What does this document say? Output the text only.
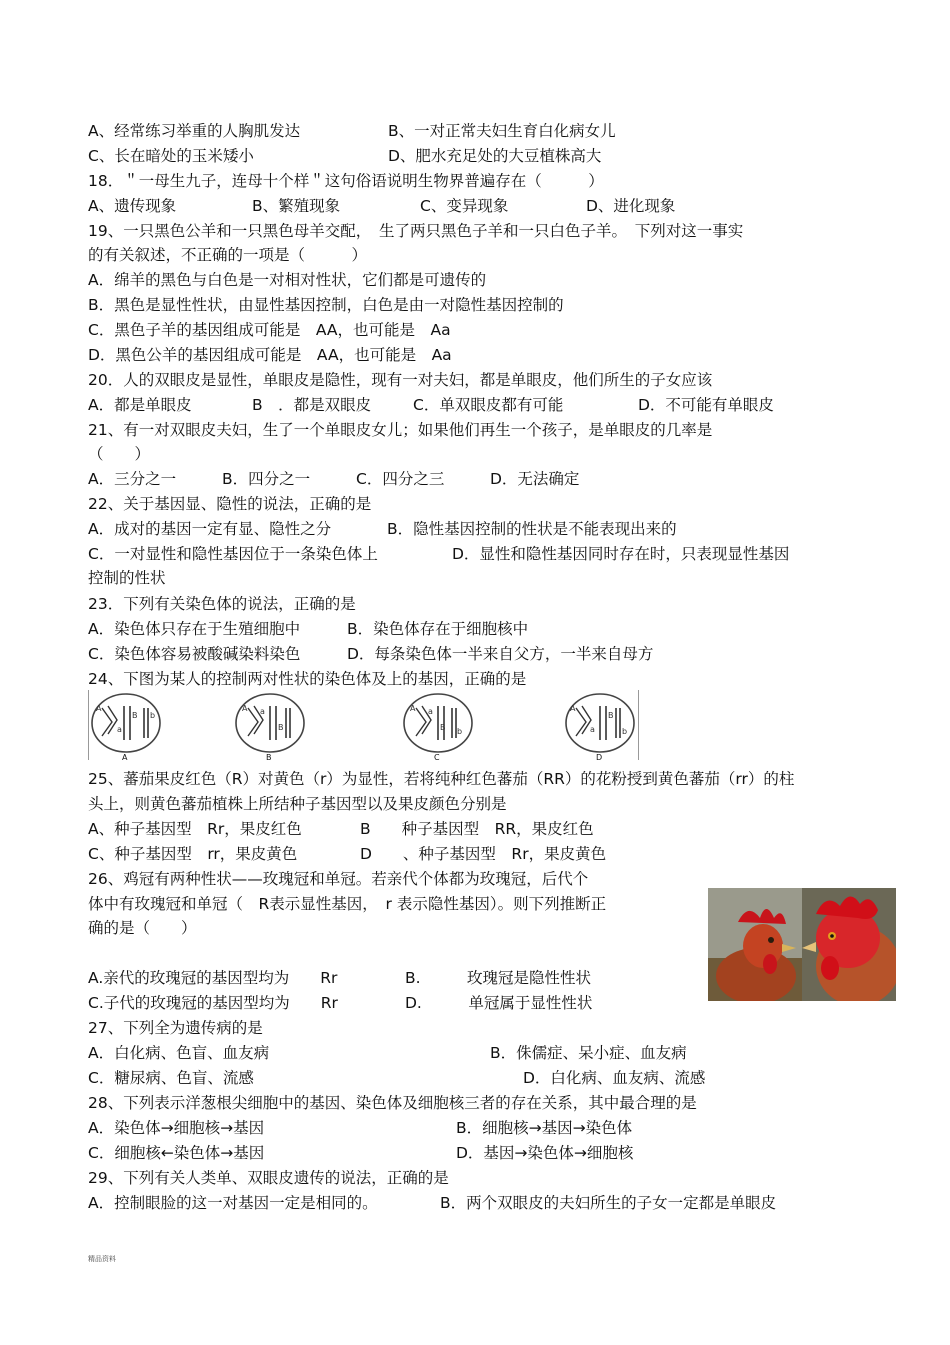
A、经常练习举重的人胸肌发达	B、一对正常夫妇生育白化病女儿
C、长在暗处的玉米矮小	D、肥水充足处的大豆植株高大
18．＂一母生九子，连母十个样＂这句俗语说明生物界普遍存在（　　　）
A、遗传现象	B、繁殖现象	C、变异现象	D、进化现象
19、一只黑色公羊和一只黑色母羊交配，　生了两只黑色子羊和一只白色子羊。　下列对这一事实
的有关叙述，不正确的一项是（　　　）
A．绵羊的黑色与白色是一对相对性状，它们都是可遗传的
B．黑色是显性性状，由显性基因控制，白色是由一对隐性基因控制的
C．黑色子羊的基因组成可能是　AA，也可能是　Aa
D．黑色公羊的基因组成可能是　AA，也可能是　Aa
20．人的双眼皮是显性，单眼皮是隐性，现有一对夫妇，都是单眼皮，他们所生的子女应该
A．都是单眼皮	B　．都是双眼皮	C．单双眼皮都有可能	D．不可能有单眼皮
21、有一对双眼皮夫妇，生了一个单眼皮女儿；如果他们再生一个孩子，是单眼皮的几率是
（　　）
A．三分之一	B．四分之一	C．四分之三	D．无法确定
22、关于基因显、隐性的说法，正确的是
A．成对的基因一定有显、隐性之分	B．隐性基因控制的性状是不能表现出来的
C．一对显性和隐性基因位于一条染色体上	D．显性和隐性基因同时存在时，只表现显性基因
控制的性状
23．下列有关染色体的说法，正确的是
A．染色体只存在于生殖细胞中	B．染色体存在于细胞核中
C．染色体容易被酸碱染料染色	D．每条染色体一半来自父方，一半来自母方
24、下图为某人的控制两对性状的染色体及上的基因，正确的是
A
a
B b
A
A a
B
B
A a
B b
C
A
a
B
b
D
25、蕃茄果皮红色（R）对黄色（r）为显性，若将纯种红色蕃茄（RR）的花粉授到黄色蕃茄（rr）的柱
头上，则黄色蕃茄植株上所结种子基因型以及果皮颜色分别是
A、种子基因型　Rr，果皮红色	B　　种子基因型　RR，果皮红色
C、种子基因型　rr，果皮黄色	D　　、种子基因型　Rr，果皮黄色
26、鸡冠有两种性状——玫瑰冠和单冠。若亲代个体都为玫瑰冠，后代个
体中有玫瑰冠和单冠（　R表示显性基因，　r 表示隐性基因）。则下列推断正
确的是（　　）
A.亲代的玫瑰冠的基因型均为　　Rr	B.　　　玫瑰冠是隐性性状
C.子代的玫瑰冠的基因型均为　　Rr	D.　　　单冠属于显性性状
27、下列全为遗传病的是
A．白化病、色盲、血友病	B．侏儒症、呆小症、血友病
C．糖尿病、色盲、流感	D．白化病、血友病、流感
28、下列表示洋葱根尖细胞中的基因、染色体及细胞核三者的存在关系，其中最合理的是
A．染色体→细胞核→基因	B．细胞核→基因→染色体
C．细胞核←染色体→基因	D．基因→染色体→细胞核
29、下列有关人类单、双眼皮遗传的说法，正确的是
A．控制眼脸的这一对基因一定是相同的。	B．两个双眼皮的夫妇所生的子女一定都是单眼皮
精品资料
